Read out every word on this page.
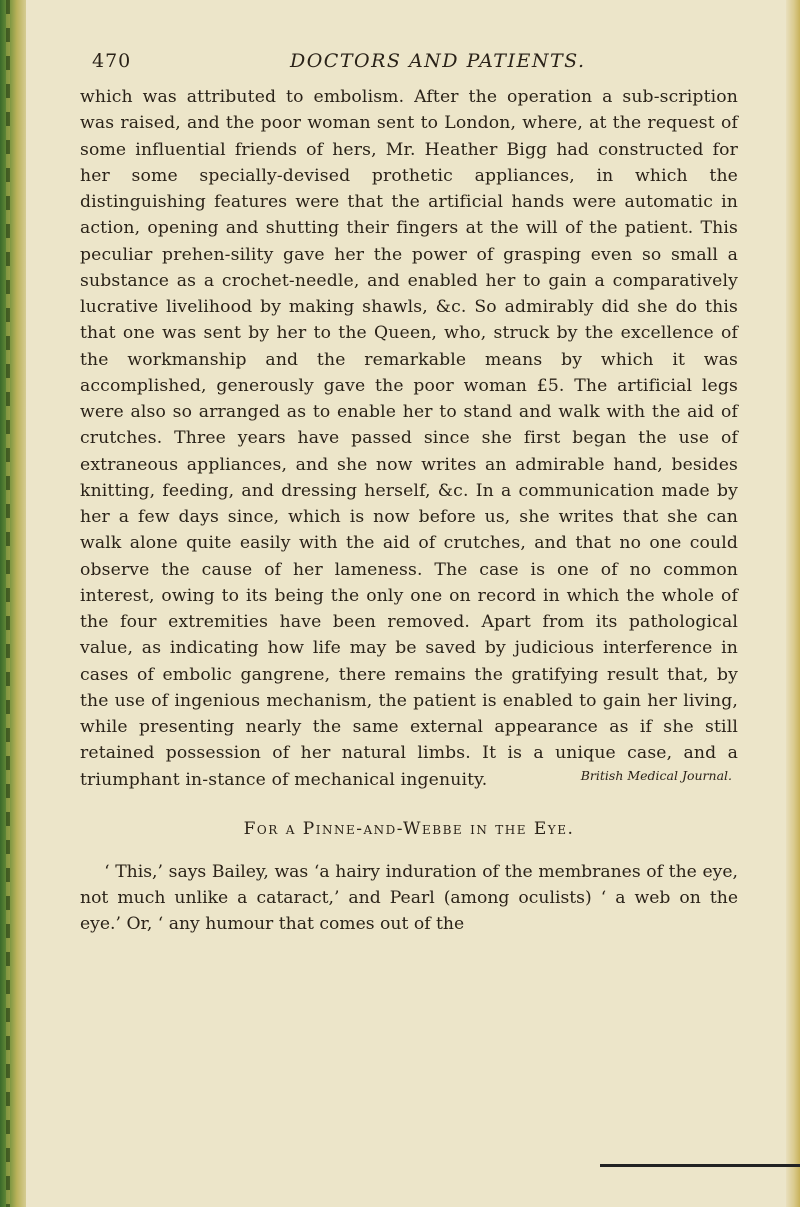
470	DOCTORS AND PATIENTS.

which was attributed to embolism. After the operation a sub-scription was raised, and the poor woman sent to London, where, at the request of some influential friends of hers, Mr. Heather Bigg had constructed for her some specially-devised prothetic appliances, in which the distinguishing features were that the artificial hands were automatic in action, opening and shutting their fingers at the will of the patient. This peculiar prehen-sility gave her the power of grasping even so small a substance as a crochet-needle, and enabled her to gain a comparatively lucrative livelihood by making shawls, &c. So admirably did she do this that one was sent by her to the Queen, who, struck by the excellence of the workmanship and the remarkable means by which it was accomplished, generously gave the poor woman £5. The artificial legs were also so arranged as to enable her to stand and walk with the aid of crutches. Three years have passed since she first began the use of extraneous appliances, and she now writes an admirable hand, besides knitting, feeding, and dressing herself, &c. In a communication made by her a few days since, which is now before us, she writes that she can walk alone quite easily with the aid of crutches, and that no one could observe the cause of her lameness. The case is one of no common interest, owing to its being the only one on record in which the whole of the four extremities have been removed. Apart from its pathological value, as indicating how life may be saved by judicious interference in cases of embolic gangrene, there remains the gratifying result that, by the use of ingenious mechanism, the patient is enabled to gain her living, while presenting nearly the same external appearance as if she still retained possession of her natural limbs. It is a unique case, and a triumphant in-stance of mechanical ingenuity.	British Medical Journal.

For a Pinne-and-Webbe in the Eye.

‘ This,’ says Bailey, was ‘a hairy induration of the membranes of the eye, not much unlike a cataract,’ and Pearl (among oculists) ‘ a web on the eye.’ Or, ‘ any humour that comes out of the
